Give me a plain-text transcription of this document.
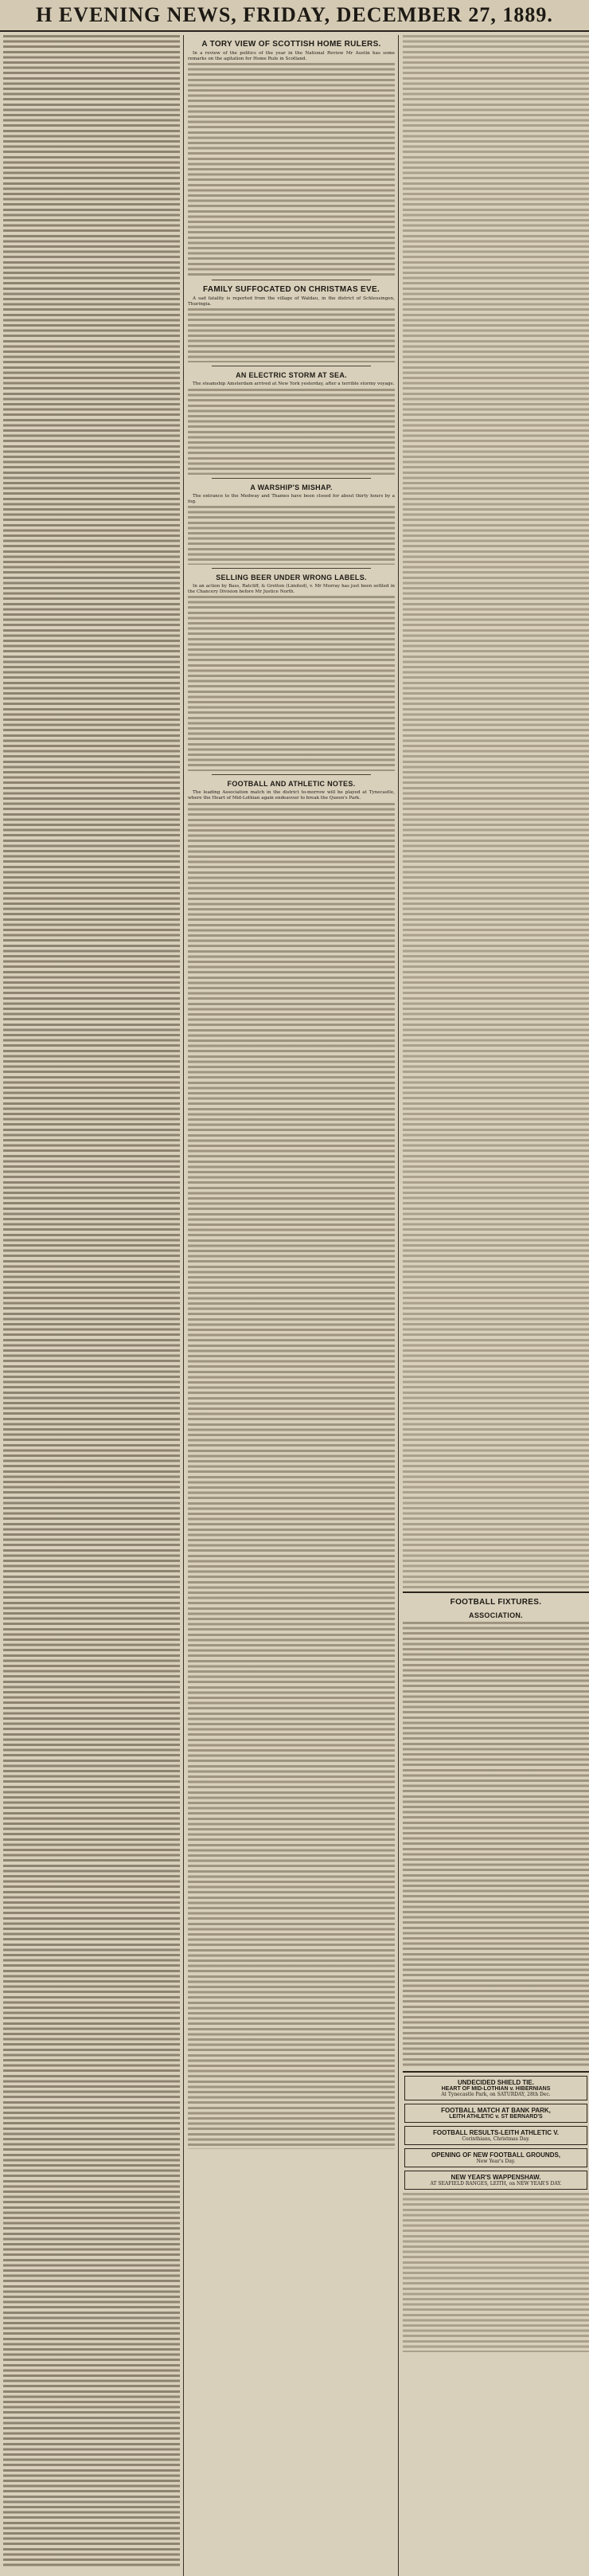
H EVENING NEWS, FRIDAY, DECEMBER 27, 1889.
A TORY VIEW OF SCOTTISH HOME RULERS.

In a review of the politics of the year in the National Review Mr Austin has some remarks on the agitation for Home Rule in Scotland.

FAMILY SUFFOCATED ON CHRISTMAS EVE.

A sad fatality is reported from the village of Waldau, in the district of Schleusingen, Thuringia.

AN ELECTRIC STORM AT SEA.

The steamship Amsterdam arrived at New York yesterday, after a terrible stormy voyage.

A WARSHIP'S MISHAP.

The entrance to the Medway and Thames have been closed for about thirty hours by a fog.

SELLING BEER UNDER WRONG LABELS.

In an action by Bass, Ratcliff, & Gretton (Limited), v. Mr Murray has just been settled in the Chancery Division before Mr Justice North.

FOOTBALL AND ATHLETIC NOTES.

The leading Association match in the district to-morrow will be played at Tynecastle, where the Heart of Mid-Lothian again endeavour to break the Queen's Park.

FOOTBALL FIXTURES.
ASSOCIATION.
UNDECIDED SHIELD TIE.
HEART OF MID-LOTHIAN v. HIBERNIANS
At Tynecastle Park, on SATURDAY, 28th Dec.
FOOTBALL MATCH AT BANK PARK,
LEITH ATHLETIC v. ST BERNARD'S
FOOTBALL RESULTS-LEITH ATHLETIC V.
Corinthians, Christmas Day.
OPENING OF NEW FOOTBALL GROUNDS,
New Year's Day.
NEW YEAR'S WAPPENSHAW.
AT SEAFIELD RANGES, LEITH, on NEW YEAR'S DAY.
